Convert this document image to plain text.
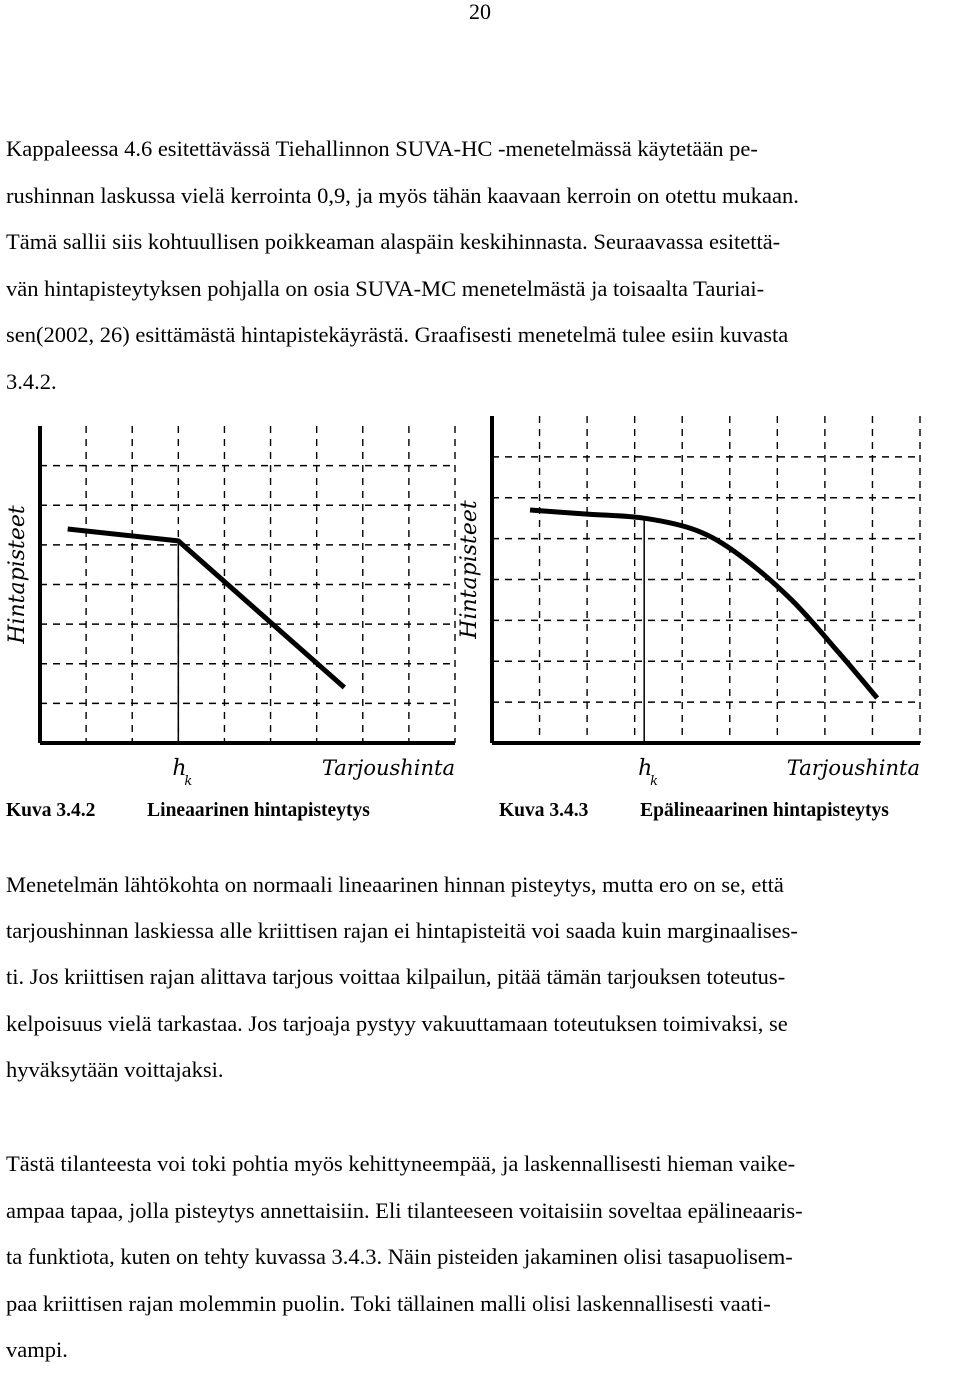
20

Kappaleessa 4.6 esitettävässä Tiehallinnon SUVA-HC -menetelmässä käytetään pe-

rushinnan laskussa vielä kerrointa 0,9, ja myös tähän kaavaan kerroin on otettu mukaan.

Tämä sallii siis kohtuullisen poikkeaman alaspäin keskihinnasta. Seuraavassa esitettä-

vän hintapisteytyksen pohjalla on osia SUVA-MC menetelmästä ja toisaalta Tauriai-

sen(2002, 26) esittämästä hintapistekäyrästä. Graafisesti menetelmä tulee esiin kuvasta

3.4.2.

Hintapisteet
h
k
Tarjoushinta
Hintapisteet
h
k
Tarjoushinta
Kuva 3.4.2	Lineaarinen hintapisteytys	Kuva 3.4.3	Epälineaarinen hintapisteytys

Menetelmän lähtökohta on normaali lineaarinen hinnan pisteytys, mutta ero on se, että

tarjoushinnan laskiessa alle kriittisen rajan ei hintapisteitä voi saada kuin marginaalises-

ti. Jos kriittisen rajan alittava tarjous voittaa kilpailun, pitää tämän tarjouksen toteutus-

kelpoisuus vielä tarkastaa. Jos tarjoaja pystyy vakuuttamaan toteutuksen toimivaksi, se

hyväksytään voittajaksi.

Tästä tilanteesta voi toki pohtia myös kehittyneempää, ja laskennallisesti hieman vaike-

ampaa tapaa, jolla pisteytys annettaisiin. Eli tilanteeseen voitaisiin soveltaa epälineaaris-

ta funktiota, kuten on tehty kuvassa 3.4.3. Näin pisteiden jakaminen olisi tasapuolisem-

paa kriittisen rajan molemmin puolin. Toki tällainen malli olisi laskennallisesti vaati-

vampi.
